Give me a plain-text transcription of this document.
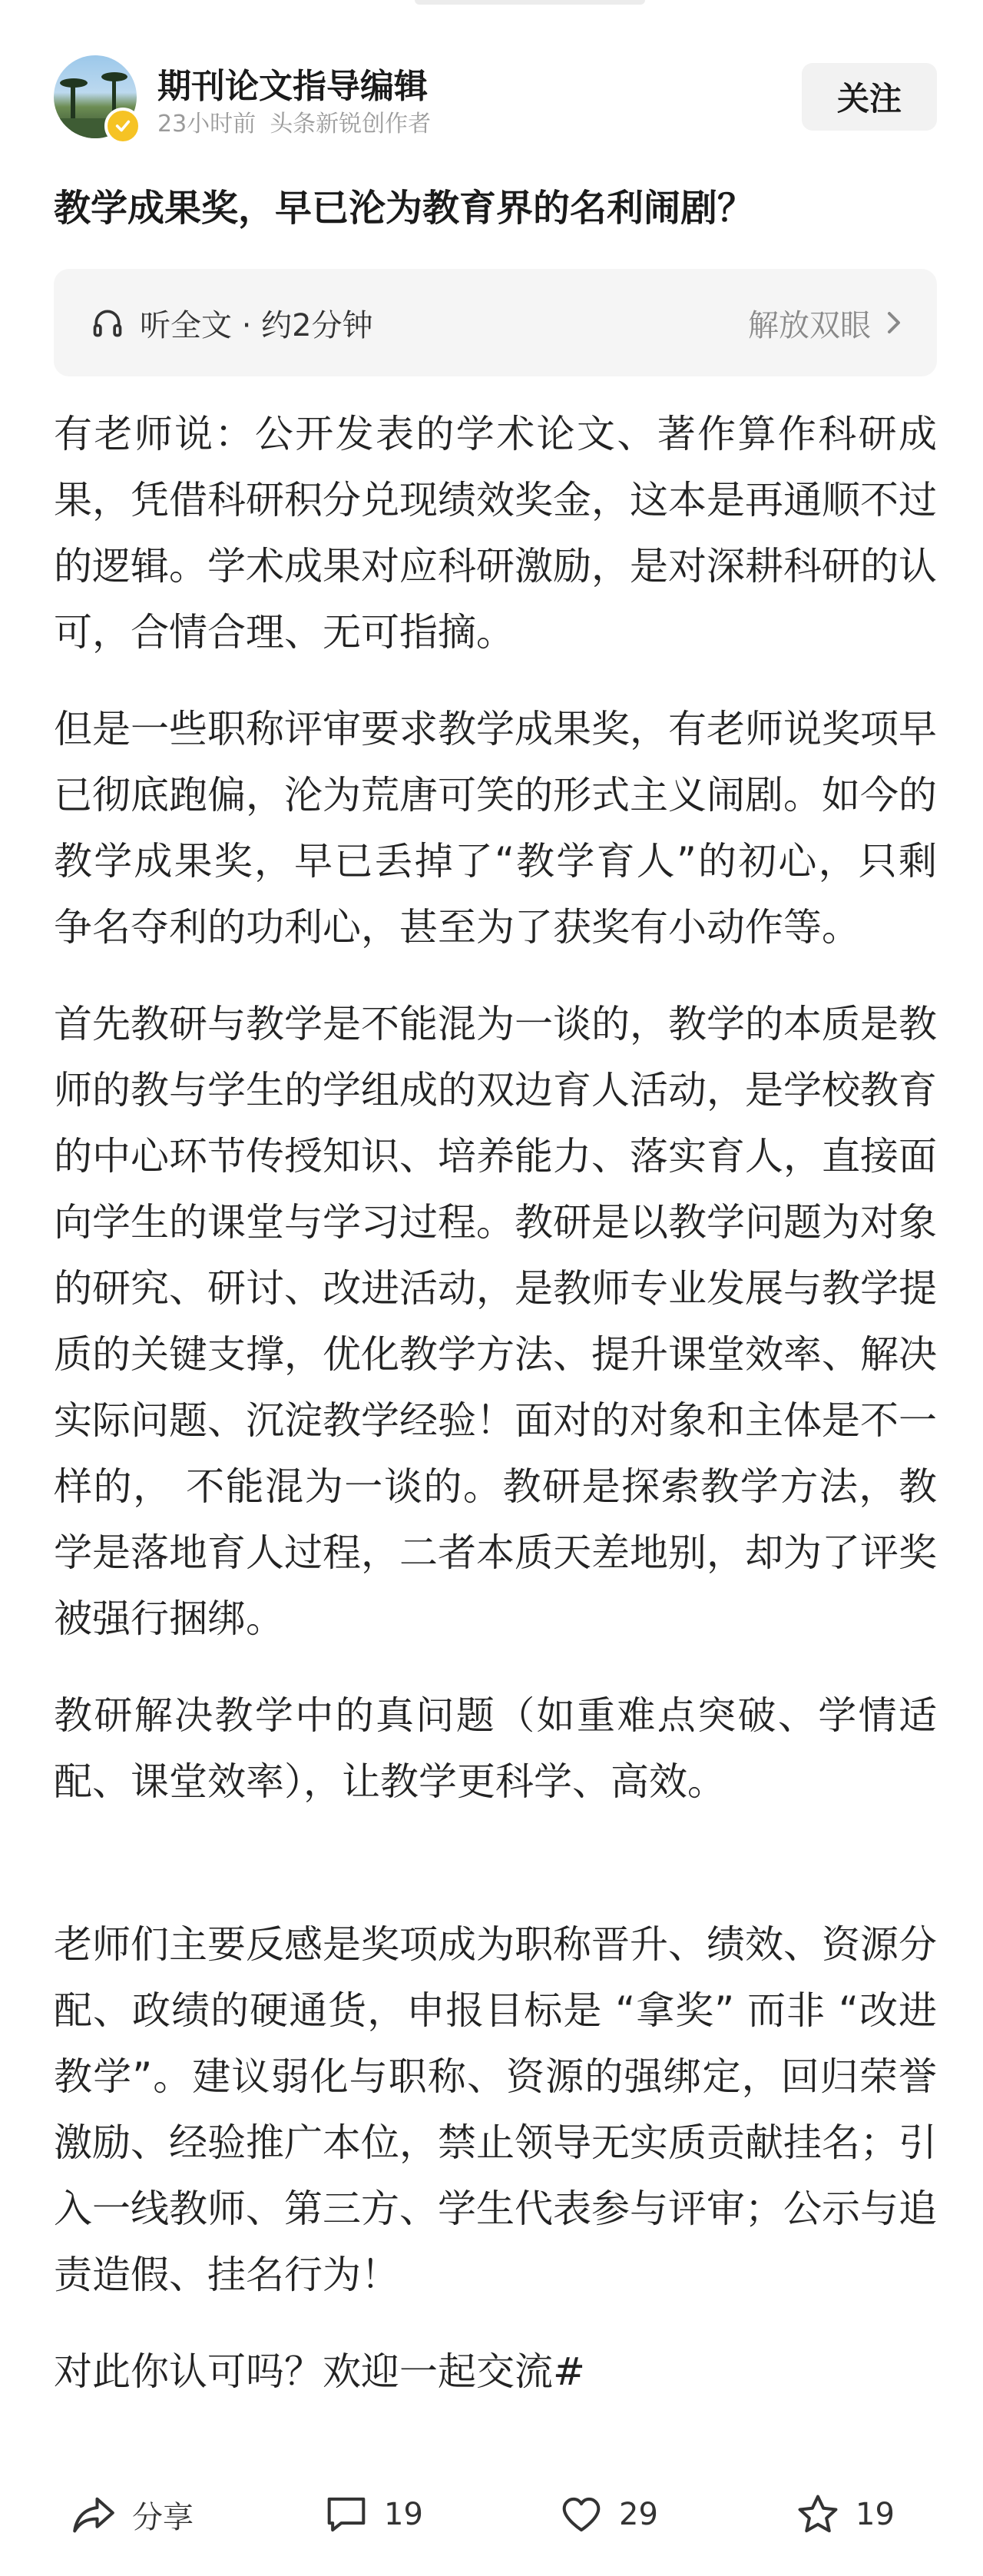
期刊论文指导编辑
23小时前 头条新锐创作者
关注
教学成果奖，早已沦为教育界的名利闹剧？
听全文 · 约2分钟	解放双眼

有老师说：公开发表的学术论文、著作算作科研成果，凭借科研积分兑现绩效奖金，这本是再通顺不过的逻辑。学术成果对应科研激励，是对深耕科研的认可，合情合理、无可指摘。

但是一些职称评审要求教学成果奖，有老师说奖项早已彻底跑偏，沦为荒唐可笑的形式主义闹剧。如今的教学成果奖，早已丢掉了“教学育人”的初心，只剩争名夺利的功利心，甚至为了获奖有小动作等。

首先教研与教学是不能混为一谈的，教学的本质是教师的教与学生的学组成的双边育人活动，是学校教育的中心环节传授知识、培养能力、落实育人，直接面向学生的课堂与学习过程。教研是以教学问题为对象的研究、研讨、改进活动，是教师专业发展与教学提质的关键支撑，优化教学方法、提升课堂效率、解决实际问题、沉淀教学经验！面对的对象和主体是不一样的， 不能混为一谈的。教研是探索教学方法，教学是落地育人过程，二者本质天差地别，却为了评奖被强行捆绑。

教研解决教学中的真问题（如重难点突破、学情适配、课堂效率），让教学更科学、高效。

老师们主要反感是奖项成为职称晋升、绩效、资源分配、政绩的硬通货，申报目标是 “拿奖” 而非 “改进教学”。建议弱化与职称、资源的强绑定，回归荣誉激励、经验推广本位，禁止领导无实质贡献挂名；引入一线教师、第三方、学生代表参与评审；公示与追责造假、挂名行为！

对此你认可吗？欢迎一起交流#

分享	19	29	19
